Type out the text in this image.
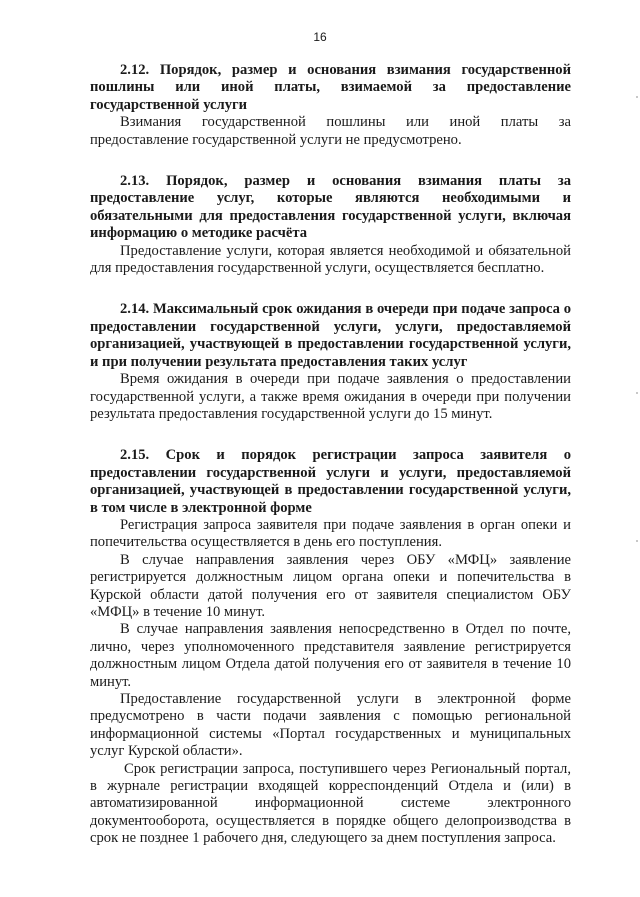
16

2.12. Порядок, размер и основания взимания государственной пошлины или иной платы, взимаемой за предоставление государственной услуги

Взимания государственной пошлины или иной платы за предоставление государственной услуги не предусмотрено.

2.13. Порядок, размер и основания взимания платы за предоставление услуг, которые являются необходимыми и обязательными для предоставления государственной услуги, включая информацию о методике расчёта

Предоставление услуги, которая является необходимой и обязательной для предоставления государственной услуги, осуществляется бесплатно.

2.14. Максимальный срок ожидания в очереди при подаче запроса о предоставлении государственной услуги, услуги, предоставляемой организацией, участвующей в предоставлении государственной услуги, и при получении результата предоставления таких услуг

Время ожидания в очереди при подаче заявления о предоставлении государственной услуги, а также время ожидания в очереди при получении результата предоставления государственной услуги до 15 минут.

2.15. Срок и порядок регистрации запроса заявителя о предоставлении государственной услуги и услуги, предоставляемой организацией, участвующей в предоставлении государственной услуги, в том числе в электронной форме

Регистрация запроса заявителя при подаче заявления в орган опеки и попечительства осуществляется в день его поступления.

В случае направления заявления через ОБУ «МФЦ» заявление регистрируется должностным лицом органа опеки и попечительства в Курской области датой получения его от заявителя специалистом ОБУ «МФЦ» в течение 10 минут.

В случае направления заявления непосредственно в Отдел по почте, лично, через уполномоченного представителя заявление регистрируется должностным лицом Отдела датой получения его от заявителя в течение 10 минут.

Предоставление государственной услуги в электронной форме предусмотрено в части подачи заявления с помощью региональной информационной системы «Портал государственных и муниципальных услуг Курской области».

Срок регистрации запроса, поступившего через Региональный портал, в журнале регистрации входящей корреспонденций Отдела и (или) в автоматизированной информационной системе электронного документооборота, осуществляется в порядке общего делопроизводства в срок не позднее 1 рабочего дня, следующего за днем поступления запроса.
